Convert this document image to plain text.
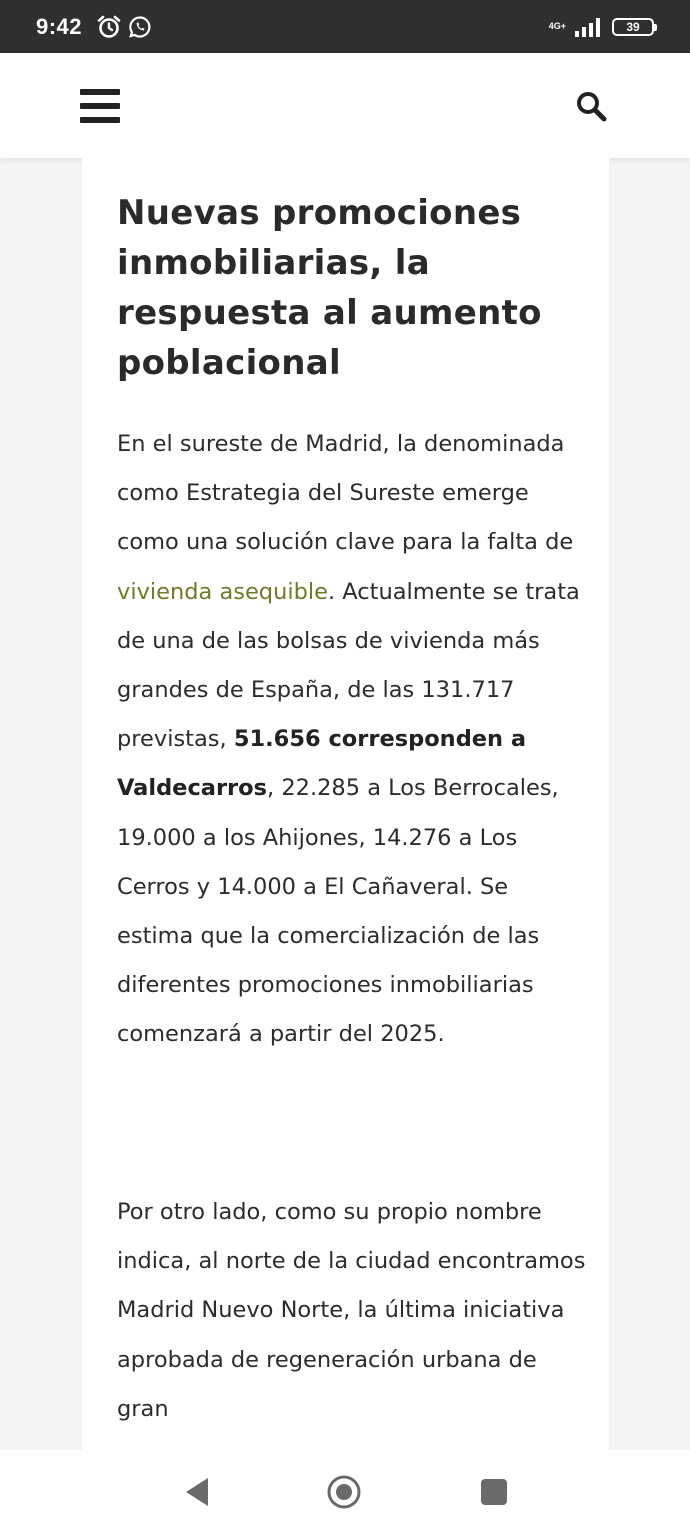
9:42	4G+	39
Nuevas promociones inmobiliarias, la respuesta al aumento poblacional

En el sureste de Madrid, la denominada como Estrategia del Sureste emerge como una solución clave para la falta de vivienda asequible. Actualmente se trata de una de las bolsas de vivienda más grandes de España, de las 131.717 previstas, 51.656 corresponden a Valdecarros, 22.285 a Los Berrocales, 19.000 a los Ahijones, 14.276 a Los Cerros y 14.000 a El Cañaveral. Se estima que la comercialización de las diferentes promociones inmobiliarias comenzará a partir del 2025.

Por otro lado, como su propio nombre indica, al norte de la ciudad encontramos Madrid Nuevo Norte, la última iniciativa aprobada de regeneración urbana de gran
